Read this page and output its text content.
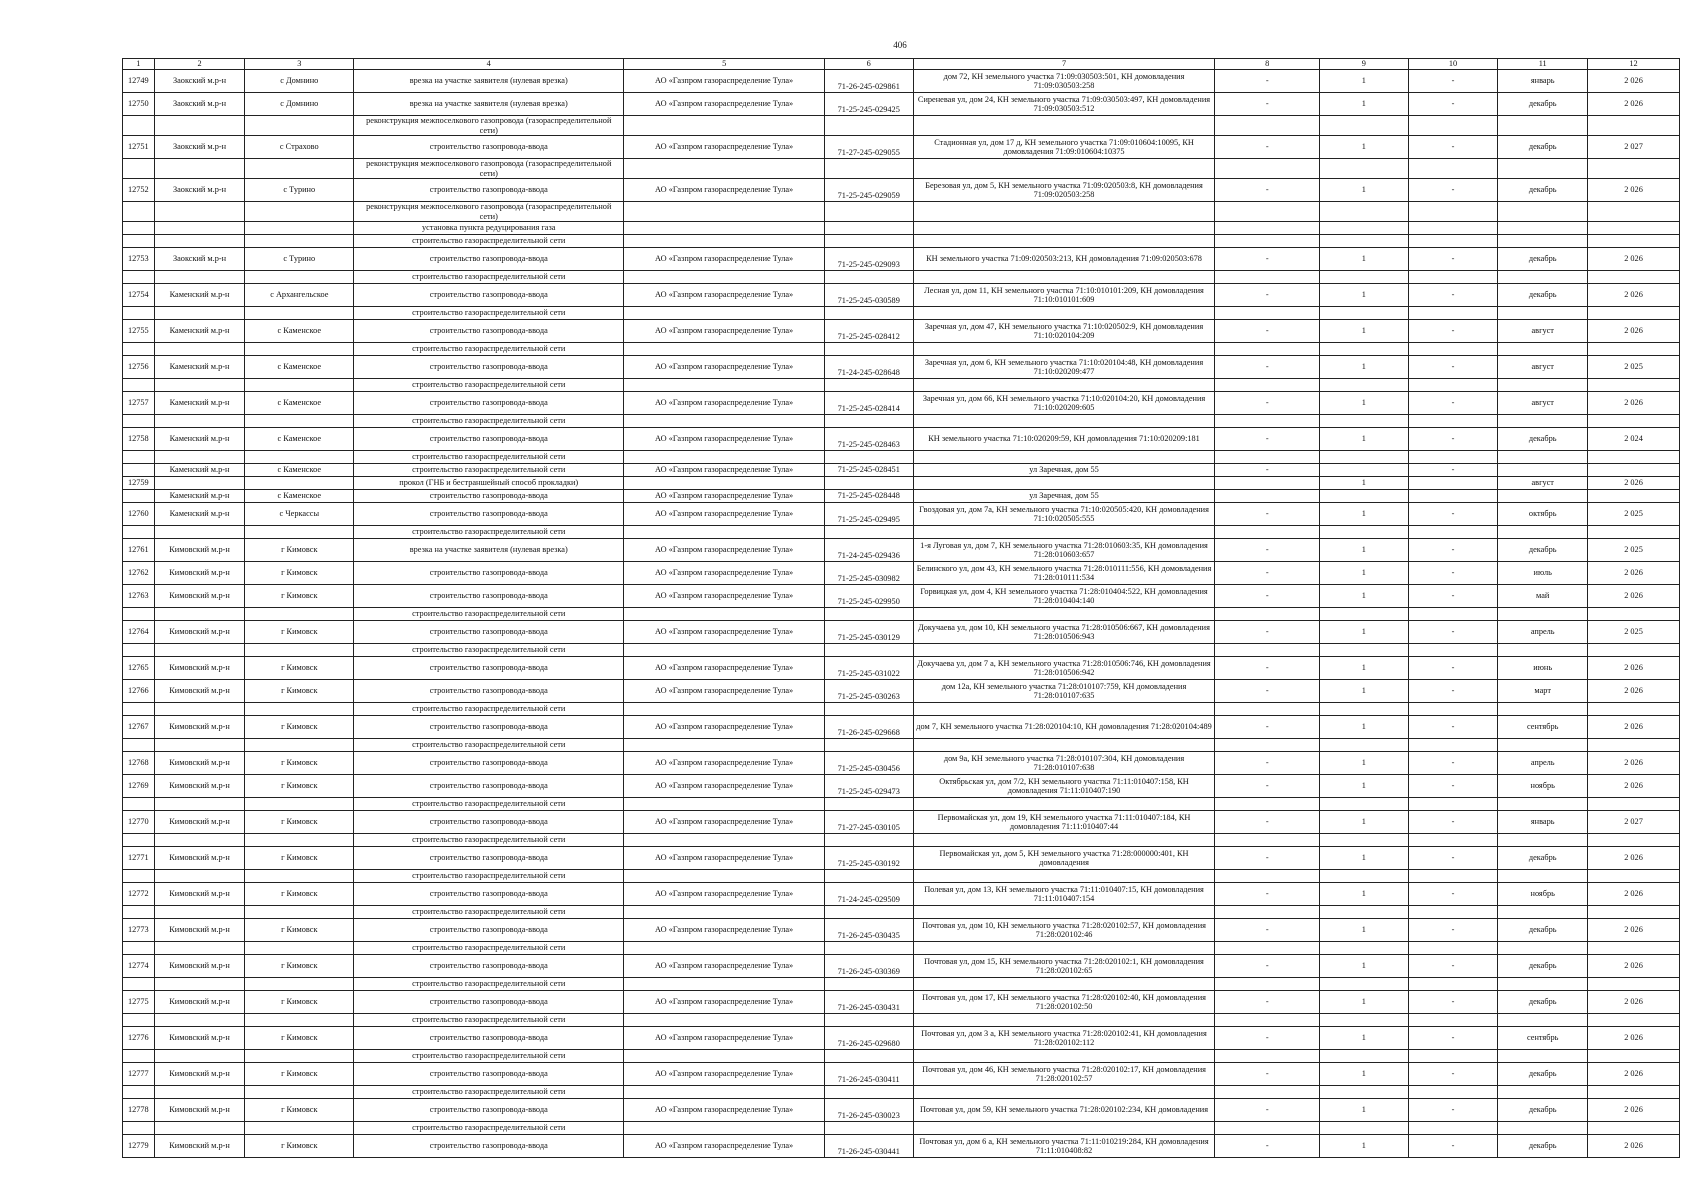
406
1	2	3	4	5	6	7	8	9	10	11	12
12749	Заокский м.р-н	с Домнино	врезка на участке заявителя (нулевая врезка)	АО «Газпром газораспределение Тула»	71-26-245-029861	дом 72, КН земельного участка 71:09:030503:501, КН домовладения 71:09:030503:258	-	1	-	январь	2 026
12750	Заокский м.р-н	с Домнино	врезка на участке заявителя (нулевая врезка)	АО «Газпром газораспределение Тула»	71-25-245-029425	Сиреневая ул, дом 24, КН земельного участка 71:09:030503:497, КН домовладения 71:09:030503:512	-	1	-	декабрь	2 026
			реконструкция межпоселкового газопровода (газораспределительной сети)								
12751	Заокский м.р-н	с Страхово	строительство газопровода-ввода	АО «Газпром газораспределение Тула»	71-27-245-029055	Стадионная ул, дом 17 д, КН земельного участка 71:09:010604:10095, КН домовладения 71:09:010604:10375	-	1	-	декабрь	2 027
			реконструкция межпоселкового газопровода (газораспределительной сети)								
12752	Заокский м.р-н	с Турино	строительство газопровода-ввода	АО «Газпром газораспределение Тула»	71-25-245-029059	Березовая ул, дом 5, КН земельного участка 71:09:020503:8, КН домовладения 71:09:020503:258	-	1	-	декабрь	2 026
			реконструкция межпоселкового газопровода (газораспределительной сети)								
			установка пункта редуцирования газа								
			строительство газораспределительной сети								
12753	Заокский м.р-н	с Турино	строительство газопровода-ввода	АО «Газпром газораспределение Тула»	71-25-245-029093	КН земельного участка 71:09:020503:213, КН домовладения 71:09:020503:678	-	1	-	декабрь	2 026
			строительство газораспределительной сети								
12754	Каменский м.р-н	с Архангельское	строительство газопровода-ввода	АО «Газпром газораспределение Тула»	71-25-245-030589	Лесная ул, дом 11, КН земельного участка 71:10:010101:209, КН домовладения 71:10:010101:609	-	1	-	декабрь	2 026
			строительство газораспределительной сети								
12755	Каменский м.р-н	с Каменское	строительство газопровода-ввода	АО «Газпром газораспределение Тула»	71-25-245-028412	Заречная ул, дом 47, КН земельного участка 71:10:020502:9, КН домовладения 71:10:020104:209	-	1	-	август	2 026
			строительство газораспределительной сети								
12756	Каменский м.р-н	с Каменское	строительство газопровода-ввода	АО «Газпром газораспределение Тула»	71-24-245-028648	Заречная ул, дом 6, КН земельного участка 71:10:020104:48, КН домовладения 71:10:020209:477	-	1	-	август	2 025
			строительство газораспределительной сети								
12757	Каменский м.р-н	с Каменское	строительство газопровода-ввода	АО «Газпром газораспределение Тула»	71-25-245-028414	Заречная ул, дом 66, КН земельного участка 71:10:020104:20, КН домовладения 71:10:020209:605	-	1	-	август	2 026
			строительство газораспределительной сети								
12758	Каменский м.р-н	с Каменское	строительство газопровода-ввода	АО «Газпром газораспределение Тула»	71-25-245-028463	КН земельного участка 71:10:020209:59, КН домовладения 71:10:020209:181	-	1	-	декабрь	2 024
			строительство газораспределительной сети								
	Каменский м.р-н	с Каменское	строительство газораспределительной сети	АО «Газпром газораспределение Тула»	71-25-245-028451	ул Заречная, дом 55	-		-		
12759			прокол (ГНБ и бестраншейный способ прокладки)					1		август	2 026
	Каменский м.р-н	с Каменское	строительство газопровода-ввода	АО «Газпром газораспределение Тула»	71-25-245-028448	ул Заречная, дом 55					
12760	Каменский м.р-н	с Черкассы	строительство газопровода-ввода	АО «Газпром газораспределение Тула»	71-25-245-029495	Гвоздовая ул, дом 7а, КН земельного участка 71:10:020505:420, КН домовладения 71:10:020505:555	-	1	-	октябрь	2 025
			строительство газораспределительной сети								
12761	Кимовский м.р-н	г Кимовск	врезка на участке заявителя (нулевая врезка)	АО «Газпром газораспределение Тула»	71-24-245-029436	1-я Луговая ул, дом 7, КН земельного участка 71:28:010603:35, КН домовладения 71:28:010603:657	-	1	-	декабрь	2 025
12762	Кимовский м.р-н	г Кимовск	строительство газопровода-ввода	АО «Газпром газораспределение Тула»	71-25-245-030982	Белинского ул, дом 43, КН земельного участка 71:28:010111:556, КН домовладения 71:28:010111:534	-	1	-	июль	2 026
12763	Кимовский м.р-н	г Кимовск	строительство газопровода-ввода	АО «Газпром газораспределение Тула»	71-25-245-029950	Горвицкая ул, дом 4, КН земельного участка 71:28:010404:522, КН домовладения 71:28:010404:140	-	1	-	май	2 026
			строительство газораспределительной сети								
12764	Кимовский м.р-н	г Кимовск	строительство газопровода-ввода	АО «Газпром газораспределение Тула»	71-25-245-030129	Докучаева ул, дом 10, КН земельного участка 71:28:010506:667, КН домовладения 71:28:010506:943	-	1	-	апрель	2 025
			строительство газораспределительной сети								
12765	Кимовский м.р-н	г Кимовск	строительство газопровода-ввода	АО «Газпром газораспределение Тула»	71-25-245-031022	Докучаева ул, дом 7 а, КН земельного участка 71:28:010506:746, КН домовладения 71:28:010506:942	-	1	-	июнь	2 026
12766	Кимовский м.р-н	г Кимовск	строительство газопровода-ввода	АО «Газпром газораспределение Тула»	71-25-245-030263	дом 12а, КН земельного участка 71:28:010107:759, КН домовладения 71:28:010107:635	-	1	-	март	2 026
			строительство газораспределительной сети								
12767	Кимовский м.р-н	г Кимовск	строительство газопровода-ввода	АО «Газпром газораспределение Тула»	71-26-245-029668	дом 7, КН земельного участка 71:28:020104:10, КН домовладения 71:28:020104:489	-	1	-	сентябрь	2 026
			строительство газораспределительной сети								
12768	Кимовский м.р-н	г Кимовск	строительство газопровода-ввода	АО «Газпром газораспределение Тула»	71-25-245-030456	дом 9а, КН земельного участка 71:28:010107:304, КН домовладения 71:28:010107:638	-	1	-	апрель	2 026
12769	Кимовский м.р-н	г Кимовск	строительство газопровода-ввода	АО «Газпром газораспределение Тула»	71-25-245-029473	Октябрьская ул, дом 7/2, КН земельного участка 71:11:010407:158, КН домовладения 71:11:010407:190	-	1	-	ноябрь	2 026
			строительство газораспределительной сети								
12770	Кимовский м.р-н	г Кимовск	строительство газопровода-ввода	АО «Газпром газораспределение Тула»	71-27-245-030105	Первомайская ул, дом 19, КН земельного участка 71:11:010407:184, КН домовладения 71:11:010407:44	-	1	-	январь	2 027
			строительство газораспределительной сети								
12771	Кимовский м.р-н	г Кимовск	строительство газопровода-ввода	АО «Газпром газораспределение Тула»	71-25-245-030192	Первомайская ул, дом 5, КН земельного участка 71:28:000000:401, КН домовладения	-	1	-	декабрь	2 026
			строительство газораспределительной сети								
12772	Кимовский м.р-н	г Кимовск	строительство газопровода-ввода	АО «Газпром газораспределение Тула»	71-24-245-029509	Полевая ул, дом 13, КН земельного участка 71:11:010407:15, КН домовладения 71:11:010407:154	-	1	-	ноябрь	2 026
			строительство газораспределительной сети								
12773	Кимовский м.р-н	г Кимовск	строительство газопровода-ввода	АО «Газпром газораспределение Тула»	71-26-245-030435	Почтовая ул, дом 10, КН земельного участка 71:28:020102:57, КН домовладения 71:28:020102:46	-	1	-	декабрь	2 026
			строительство газораспределительной сети								
12774	Кимовский м.р-н	г Кимовск	строительство газопровода-ввода	АО «Газпром газораспределение Тула»	71-26-245-030369	Почтовая ул, дом 15, КН земельного участка 71:28:020102:1, КН домовладения 71:28:020102:65	-	1	-	декабрь	2 026
			строительство газораспределительной сети								
12775	Кимовский м.р-н	г Кимовск	строительство газопровода-ввода	АО «Газпром газораспределение Тула»	71-26-245-030431	Почтовая ул, дом 17, КН земельного участка 71:28:020102:40, КН домовладения 71:28:020102:50	-	1	-	декабрь	2 026
			строительство газораспределительной сети								
12776	Кимовский м.р-н	г Кимовск	строительство газопровода-ввода	АО «Газпром газораспределение Тула»	71-26-245-029680	Почтовая ул, дом 3 а, КН земельного участка 71:28:020102:41, КН домовладения 71:28:020102:112	-	1	-	сентябрь	2 026
			строительство газораспределительной сети								
12777	Кимовский м.р-н	г Кимовск	строительство газопровода-ввода	АО «Газпром газораспределение Тула»	71-26-245-030411	Почтовая ул, дом 46, КН земельного участка 71:28:020102:17, КН домовладения 71:28:020102:57	-	1	-	декабрь	2 026
			строительство газораспределительной сети								
12778	Кимовский м.р-н	г Кимовск	строительство газопровода-ввода	АО «Газпром газораспределение Тула»	71-26-245-030023	Почтовая ул, дом 59, КН земельного участка 71:28:020102:234, КН домовладения	-	1	-	декабрь	2 026
			строительство газораспределительной сети								
12779	Кимовский м.р-н	г Кимовск	строительство газопровода-ввода	АО «Газпром газораспределение Тула»	71-26-245-030441	Почтовая ул, дом 6 а, КН земельного участка 71:11:010219:284, КН домовладения 71:11:010408:82	-	1	-	декабрь	2 026
